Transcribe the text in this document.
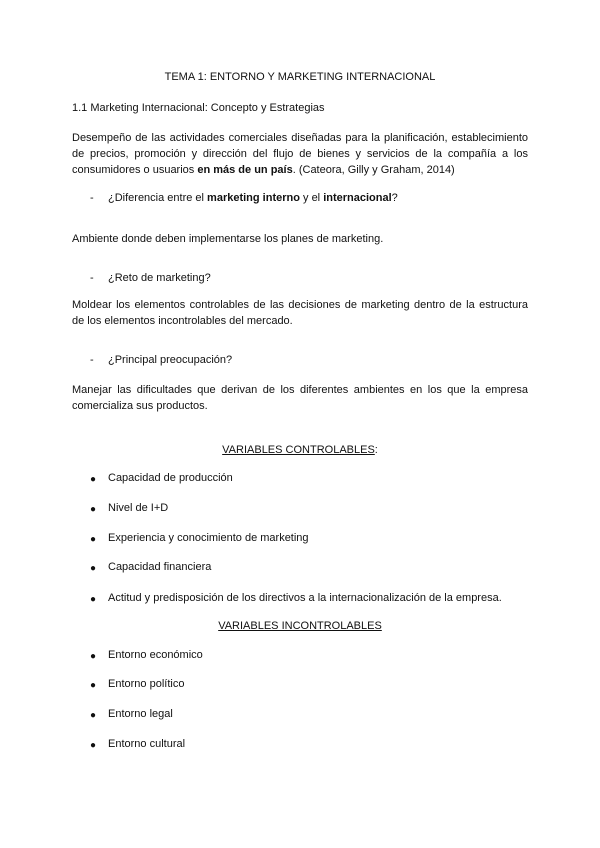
TEMA 1: ENTORNO Y MARKETING INTERNACIONAL
1.1 Marketing Internacional: Concepto y Estrategias
Desempeño de las actividades comerciales diseñadas para la planificación, establecimiento
de precios, promoción y dirección del flujo de bienes y servicios de la compañía a los
consumidores o usuarios en más de un país. (Cateora, Gilly y Graham, 2014)
- ¿Diferencia entre el marketing interno y el internacional?
Ambiente donde deben implementarse los planes de marketing.
- ¿Reto de marketing?
Moldear los elementos controlables de las decisiones de marketing dentro de la estructura
de los elementos incontrolables del mercado.
- ¿Principal preocupación?
Manejar las dificultades que derivan de los diferentes ambientes en los que la empresa
comercializa sus productos.
VARIABLES CONTROLABLES:
● Capacidad de producción
● Nivel de I+D
● Experiencia y conocimiento de marketing
● Capacidad financiera
● Actitud y predisposición de los directivos a la internacionalización de la empresa.
VARIABLES INCONTROLABLES
● Entorno económico
● Entorno político
● Entorno legal
● Entorno cultural
